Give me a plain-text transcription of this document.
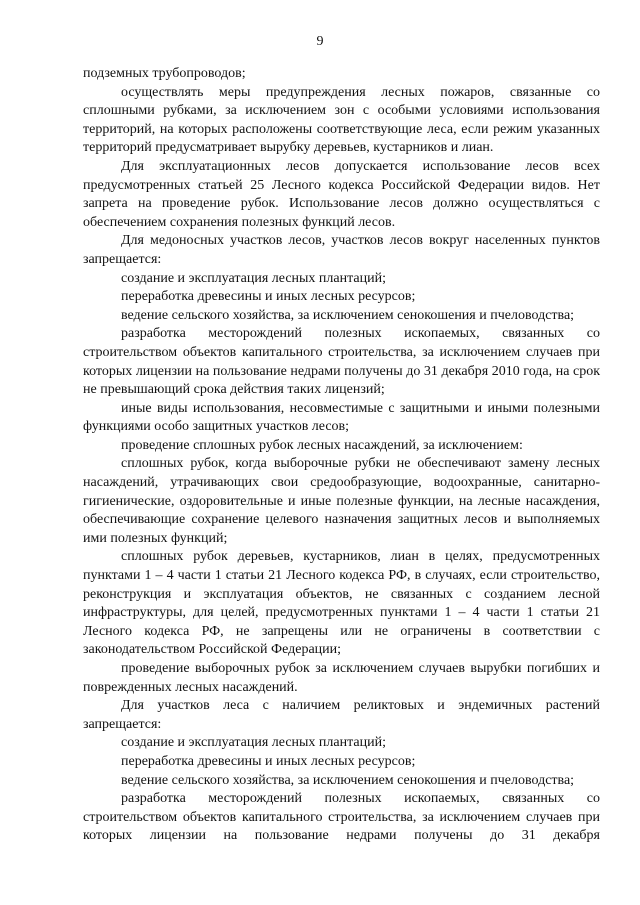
9

подземных трубопроводов;

осуществлять меры предупреждения лесных пожаров, связанные со сплошными рубками, за исключением зон с особыми условиями использования территорий, на которых расположены соответствующие леса, если режим указанных территорий предусматривает вырубку деревьев, кустарников и лиан.

Для эксплуатационных лесов допускается использование лесов всех предусмотренных статьей 25 Лесного кодекса Российской Федерации видов. Нет запрета на проведение рубок. Использование лесов должно осуществляться с обеспечением сохранения полезных функций лесов.

Для медоносных участков лесов, участков лесов вокруг населенных пунктов запрещается:

создание и эксплуатация лесных плантаций;

переработка древесины и иных лесных ресурсов;

ведение сельского хозяйства, за исключением сенокошения и пчеловодства;

разработка месторождений полезных ископаемых, связанных со строительством объектов капитального строительства, за исключением случаев при которых лицензии на пользование недрами получены до 31 декабря 2010 года, на срок не превышающий срока действия таких лицензий;

иные виды использования, несовместимые с защитными и иными полезными функциями особо защитных участков лесов;

проведение сплошных рубок лесных насаждений, за исключением:

сплошных рубок, когда выборочные рубки не обеспечивают замену лесных насаждений, утрачивающих свои средообразующие, водоохранные, санитарно-гигиенические, оздоровительные и иные полезные функции, на лесные насаждения, обеспечивающие сохранение целевого назначения защитных лесов и выполняемых ими полезных функций;

сплошных рубок деревьев, кустарников, лиан в целях, предусмотренных пунктами 1 – 4 части 1 статьи 21 Лесного кодекса РФ, в случаях, если строительство, реконструкция и эксплуатация объектов, не связанных с созданием лесной инфраструктуры, для целей, предусмотренных пунктами 1 – 4 части 1 статьи 21 Лесного кодекса РФ, не запрещены или не ограничены в соответствии с законодательством Российской Федерации;

проведение выборочных рубок за исключением случаев вырубки погибших и поврежденных лесных насаждений.

Для участков леса с наличием реликтовых и эндемичных растений запрещается:

создание и эксплуатация лесных плантаций;

переработка древесины и иных лесных ресурсов;

ведение сельского хозяйства, за исключением сенокошения и пчеловодства;

разработка месторождений полезных ископаемых, связанных со строительством объектов капитального строительства, за исключением случаев при которых лицензии на пользование недрами получены до 31 декабря
